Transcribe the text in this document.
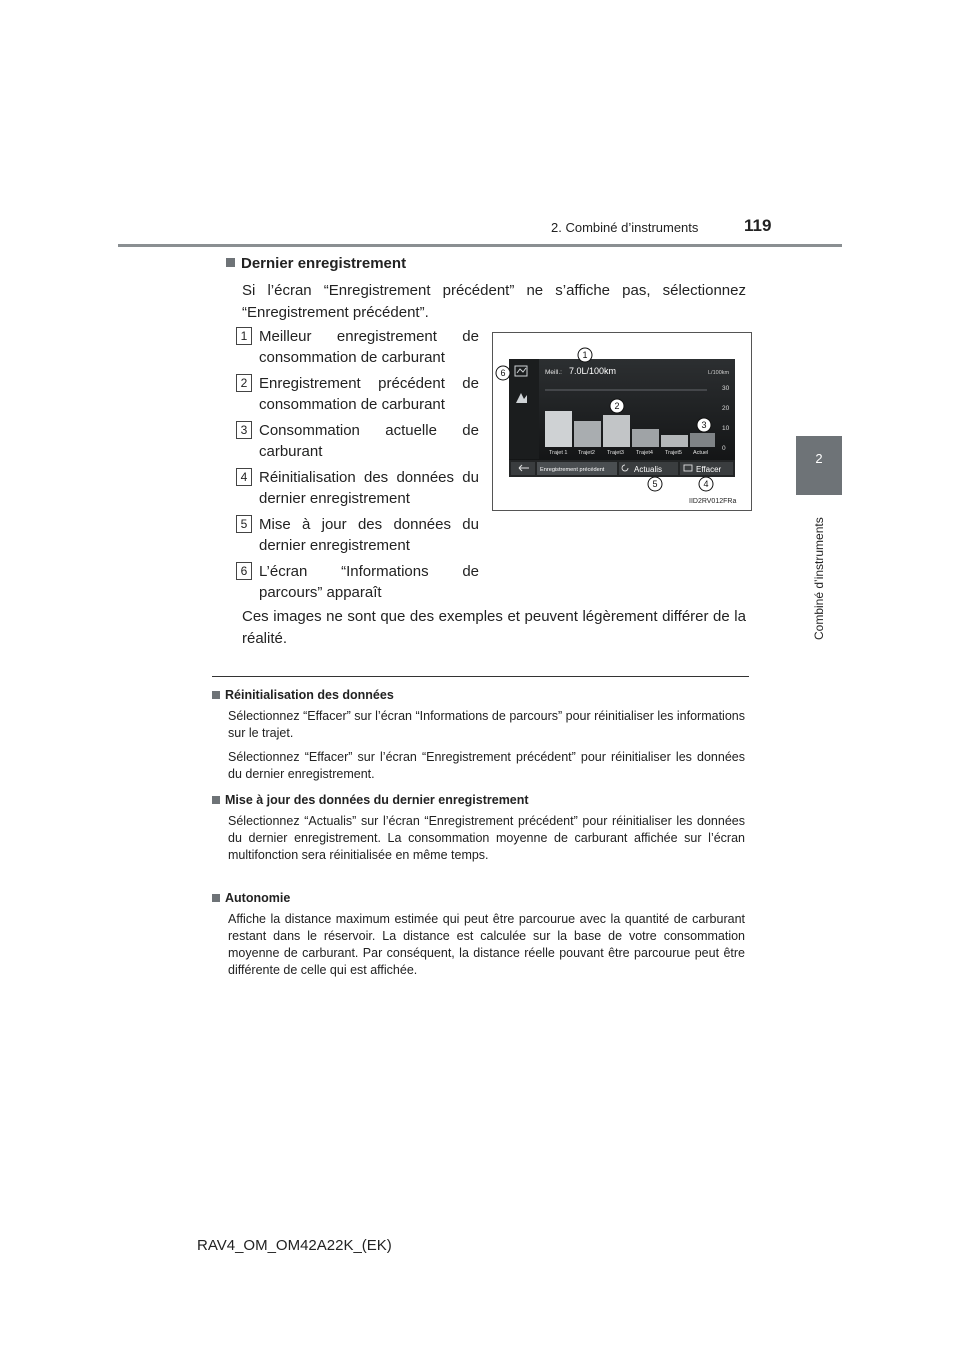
2. Combiné d’instruments	119
2
Combiné d’instruments
Dernier enregistrement
Si l’écran “Enregistrement précédent” ne s’affiche pas, sélectionnez “Enregistrement précédent”.
1 Meilleur enregistrement de consommation de carburant
2 Enregistrement précédent de consommation de carburant
3 Consommation actuelle de carburant
4 Réinitialisation des données du dernier enregistrement
5 Mise à jour des données du dernier enregistrement
6 L’écran “Informations de parcours” apparaît
Meill.: 7.0L/100km	L/100km
30
20
10
0
Trajet 1 Trajet2 Trajet3 Trajet4 Trajet5 Actuel
Enregistrement précédent	Actualis	Effacer
1
2
3
4
5
6
IID2RV012FRa
Ces images ne sont que des exemples et peuvent légèrement différer de la réalité.
Réinitialisation des données
Sélectionnez “Effacer” sur l’écran “Informations de parcours” pour réinitialiser les informations sur le trajet.
Sélectionnez “Effacer” sur l’écran “Enregistrement précédent” pour réinitialiser les données du dernier enregistrement.
Mise à jour des données du dernier enregistrement
Sélectionnez “Actualis” sur l’écran “Enregistrement précédent” pour réinitialiser les données du dernier enregistrement. La consommation moyenne de carburant affichée sur l’écran multifonction sera réinitialisée en même temps.
Autonomie
Affiche la distance maximum estimée qui peut être parcourue avec la quantité de carburant restant dans le réservoir. La distance est calculée sur la base de votre consommation moyenne de carburant. Par conséquent, la distance réelle pouvant être parcourue peut être différente de celle qui est affichée.
RAV4_OM_OM42A22K_(EK)
